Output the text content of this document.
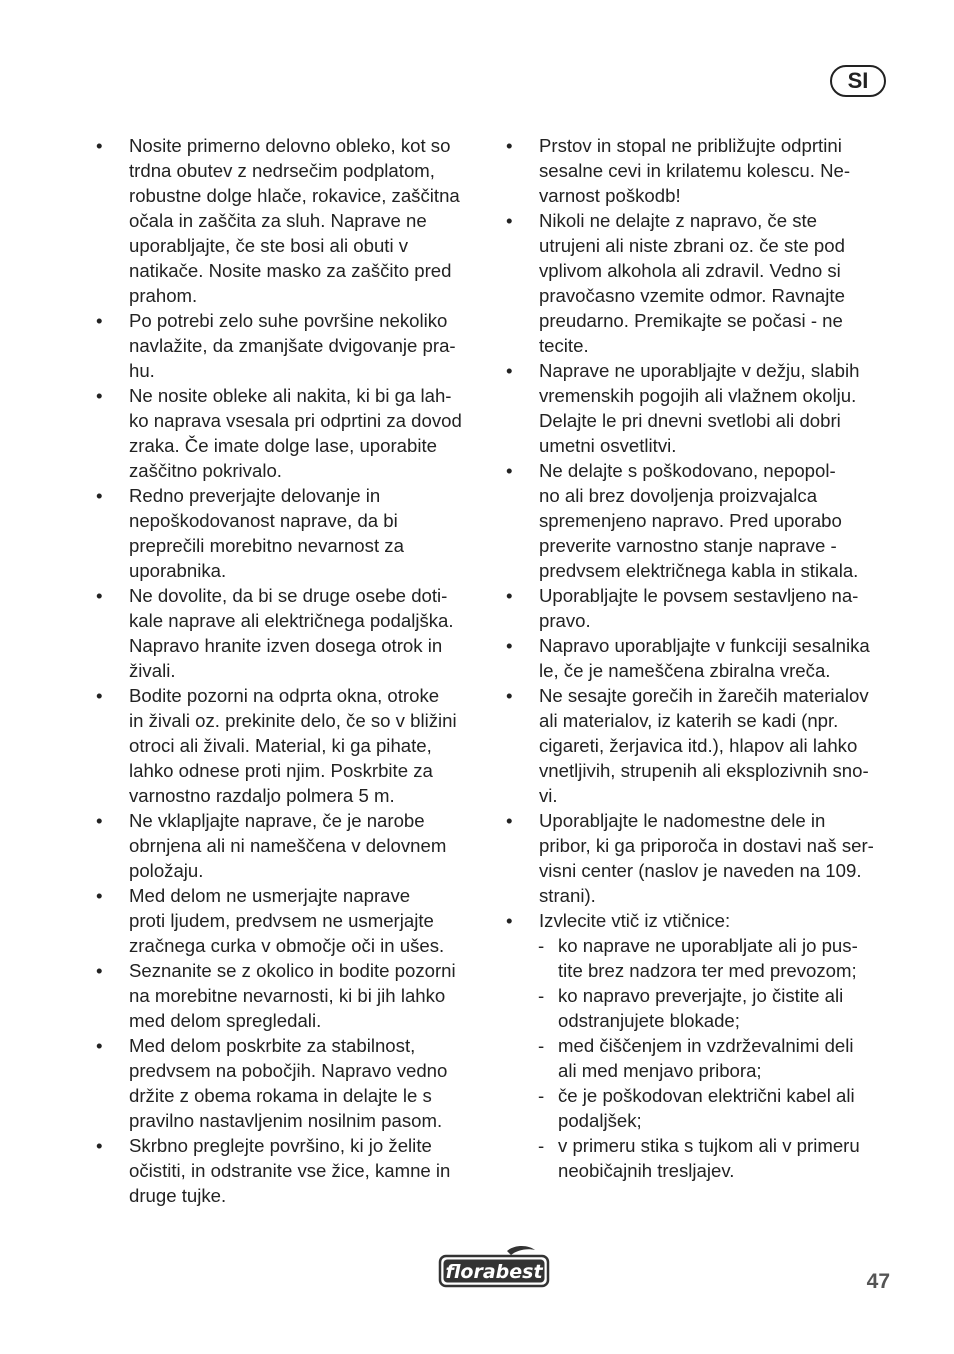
SI
• Nosite primerno delovno obleko, kot so
trdna obutev z nedrsečim podplatom,
robustne dolge hlače, rokavice, zaščitna
očala in zaščita za sluh. Naprave ne
uporabljajte, če ste bosi ali obuti v
natikače. Nosite masko za zaščito pred
prahom.
• Po potrebi zelo suhe površine nekoliko
navlažite, da zmanjšate dvigovanje pra-
hu.
• Ne nosite obleke ali nakita, ki bi ga lah-
ko naprava vsesala pri odprtini za dovod
zraka. Če imate dolge lase, uporabite
zaščitno pokrivalo.
• Redno preverjajte delovanje in
nepoškodovanost naprave, da bi
preprečili morebitno nevarnost za
uporabnika.
• Ne dovolite, da bi se druge osebe doti-
kale naprave ali električnega podaljška.
Napravo hranite izven dosega otrok in
živali.
• Bodite pozorni na odprta okna, otroke
in živali oz. prekinite delo, če so v bližini
otroci ali živali. Material, ki ga pihate,
lahko odnese proti njim. Poskrbite za
varnostno razdaljo polmera 5 m.
• Ne vklapljajte naprave, če je narobe
obrnjena ali ni nameščena v delovnem
položaju.
• Med delom ne usmerjajte naprave
proti ljudem, predvsem ne usmerjajte
zračnega curka v območje oči in ušes.
• Seznanite se z okolico in bodite pozorni
na morebitne nevarnosti, ki bi jih lahko
med delom spregledali.
• Med delom poskrbite za stabilnost,
predvsem na pobočjih. Napravo vedno
držite z obema rokama in delajte le s
pravilno nastavljenim nosilnim pasom.
• Skrbno preglejte površino, ki jo želite
očistiti, in odstranite vse žice, kamne in
druge tujke.
• Prstov in stopal ne približujte odprtini
sesalne cevi in krilatemu kolescu. Ne-
varnost poškodb!
• Nikoli ne delajte z napravo, če ste
utrujeni ali niste zbrani oz. če ste pod
vplivom alkohola ali zdravil. Vedno si
pravočasno vzemite odmor. Ravnajte
preudarno. Premikajte se počasi - ne
tecite.
• Naprave ne uporabljajte v dežju, slabih
vremenskih pogojih ali vlažnem okolju.
Delajte le pri dnevni svetlobi ali dobri
umetni osvetlitvi.
• Ne delajte s poškodovano, nepopol-
no ali brez dovoljenja proizvajalca
spremenjeno napravo. Pred uporabo
preverite varnostno stanje naprave -
predvsem električnega kabla in stikala.
• Uporabljajte le povsem sestavljeno na-
pravo.
• Napravo uporabljajte v funkciji sesalnika
le, če je nameščena zbiralna vreča.
• Ne sesajte gorečih in žarečih materialov
ali materialov, iz katerih se kadi (npr.
cigareti, žerjavica itd.), hlapov ali lahko
vnetljivih, strupenih ali eksplozivnih sno-
vi.
• Uporabljajte le nadomestne dele in
pribor, ki ga priporoča in dostavi naš ser-
visni center (naslov je naveden na 109.
strani).
• Izvlecite vtič iz vtičnice:
- ko naprave ne uporabljate ali jo pus-
tite brez nadzora ter med prevozom;
- ko napravo preverjajte, jo čistite ali
odstranjujete blokade;
- med čiščenjem in vzdrževalnimi deli
ali med menjavo pribora;
- če je poškodovan električni kabel ali
podaljšek;
- v primeru stika s tujkom ali v primeru
neobičajnih tresljajev.
florabest	47
